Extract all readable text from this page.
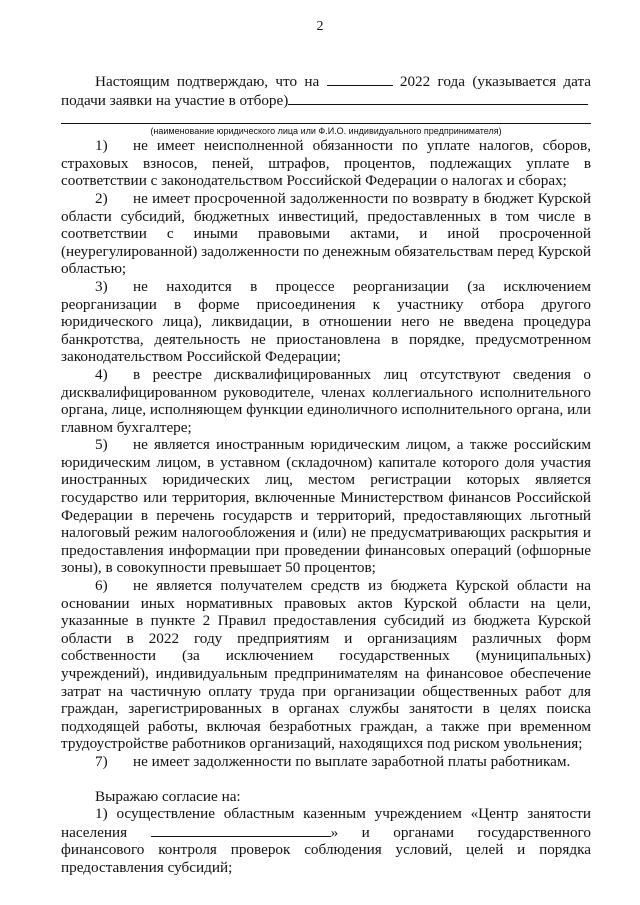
2

Настоящим подтверждаю, что на	2022 года (указывается дата подачи заявки на участие в отборе)

(наименование юридического лица или Ф.И.О. индивидуального предпринимателя)

1) не имеет неисполненной обязанности по уплате налогов, сборов, страховых взносов, пеней, штрафов, процентов, подлежащих уплате в соответствии с законодательством Российской Федерации о налогах и сборах;

2) не имеет просроченной задолженности по возврату в бюджет Курской области субсидий, бюджетных инвестиций, предоставленных в том числе в соответствии с иными правовыми актами, и иной просроченной (неурегулированной) задолженности по денежным обязательствам перед Курской областью;

3) не находится в процессе реорганизации (за исключением реорганизации в форме присоединения к участнику отбора другого юридического лица), ликвидации, в отношении него не введена процедура банкротства, деятельность не приостановлена в порядке, предусмотренном законодательством Российской Федерации;

4) в реестре дисквалифицированных лиц отсутствуют сведения о дисквалифицированном руководителе, членах коллегиального исполнительного органа, лице, исполняющем функции единоличного исполнительного органа, или главном бухгалтере;

5) не является иностранным юридическим лицом, а также российским юридическим лицом, в уставном (складочном) капитале которого доля участия иностранных юридических лиц, местом регистрации которых является государство или территория, включенные Министерством финансов Российской Федерации в перечень государств и территорий, предоставляющих льготный налоговый режим налогообложения и (или) не предусматривающих раскрытия и предоставления информации при проведении финансовых операций (офшорные зоны), в совокупности превышает 50 процентов;

6) не является получателем средств из бюджета Курской области на основании иных нормативных правовых актов Курской области на цели, указанные в пункте 2 Правил предоставления субсидий из бюджета Курской области в 2022 году предприятиям и организациям различных форм собственности (за исключением государственных (муниципальных) учреждений), индивидуальным предпринимателям на финансовое обеспечение затрат на частичную оплату труда при организации общественных работ для граждан, зарегистрированных в органах службы занятости в целях поиска подходящей работы, включая безработных граждан, а также при временном трудоустройстве работников организаций, находящихся под риском увольнения;

7) не имеет задолженности по выплате заработной платы работникам.

Выражаю согласие на:

1) осуществление областным казенным учреждением «Центр занятости населения	» и органами государственного финансового контроля проверок соблюдения условий, целей и порядка предоставления субсидий;
